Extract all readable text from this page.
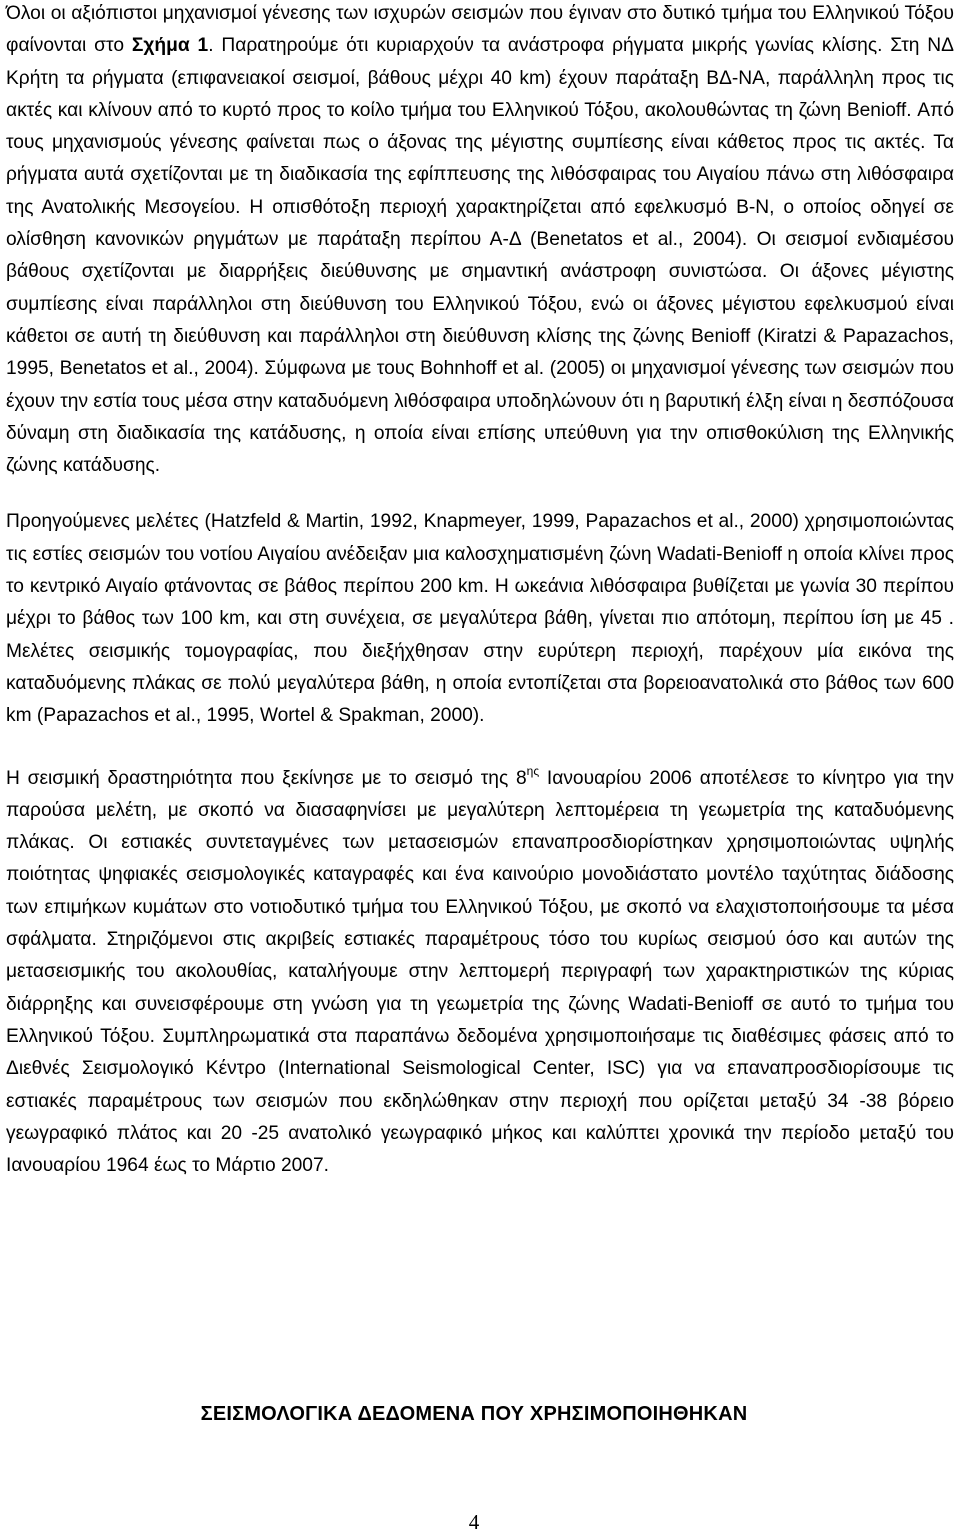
Όλοι οι αξιόπιστοι μηχανισμοί γένεσης των ισχυρών σεισμών που έγιναν στο δυτικό τμήμα του Ελληνικού Τόξου φαίνονται στο Σχήμα 1. Παρατηρούμε ότι κυριαρχούν τα ανάστροφα ρήγματα μικρής γωνίας κλίσης. Στη ΝΔ Κρήτη τα ρήγματα (επιφανειακοί σεισμοί, βάθους μέχρι 40 km) έχουν παράταξη ΒΔ-ΝΑ, παράλληλη προς τις ακτές και κλίνουν από το κυρτό προς το κοίλο τμήμα του Ελληνικού Τόξου, ακολουθώντας τη ζώνη Benioff. Από τους μηχανισμούς γένεσης φαίνεται πως ο άξονας της μέγιστης συμπίεσης είναι κάθετος προς τις ακτές. Τα ρήγματα αυτά σχετίζονται με τη διαδικασία της εφίππευσης της λιθόσφαιρας του Αιγαίου πάνω στη λιθόσφαιρα της Ανατολικής Μεσογείου. Η οπισθότοξη περιοχή χαρακτηρίζεται από εφελκυσμό Β-Ν, ο οποίος οδηγεί σε ολίσθηση κανονικών ρηγμάτων με παράταξη περίπου Α-Δ (Benetatos et al., 2004). Οι σεισμοί ενδιαμέσου βάθους σχετίζονται με διαρρήξεις διεύθυνσης με σημαντική ανάστροφη συνιστώσα. Οι άξονες μέγιστης συμπίεσης είναι παράλληλοι στη διεύθυνση του Ελληνικού Τόξου, ενώ οι άξονες μέγιστου εφελκυσμού είναι κάθετοι σε αυτή τη διεύθυνση και παράλληλοι στη διεύθυνση κλίσης της ζώνης Benioff (Kiratzi & Papazachos, 1995, Benetatos et al., 2004). Σύμφωνα με τους Bohnhoff et al. (2005) οι μηχανισμοί γένεσης των σεισμών που έχουν την εστία τους μέσα στην καταδυόμενη λιθόσφαιρα υποδηλώνουν ότι η βαρυτική έλξη είναι η δεσπόζουσα δύναμη στη διαδικασία της κατάδυσης, η οποία είναι επίσης υπεύθυνη για την οπισθοκύλιση της Ελληνικής ζώνης κατάδυσης.

Προηγούμενες μελέτες (Hatzfeld & Martin, 1992, Knapmeyer, 1999, Papazachos et al., 2000) χρησιμοποιώντας τις εστίες σεισμών του νοτίου Αιγαίου ανέδειξαν μια καλοσχηματισμένη ζώνη Wadati-Benioff η οποία κλίνει προς το κεντρικό Αιγαίο φτάνοντας σε βάθος περίπου 200 km. Η ωκεάνια λιθόσφαιρα βυθίζεται με γωνία 30 περίπου μέχρι το βάθος των 100 km, και στη συνέχεια, σε μεγαλύτερα βάθη, γίνεται πιο απότομη, περίπου ίση με 45 . Μελέτες σεισμικής τομογραφίας, που διεξήχθησαν στην ευρύτερη περιοχή, παρέχουν μία εικόνα της καταδυόμενης πλάκας σε πολύ μεγαλύτερα βάθη, η οποία εντοπίζεται στα βορειοανατολικά στο βάθος των 600 km (Papazachos et al., 1995, Wortel & Spakman, 2000).

Η σεισμική δραστηριότητα που ξεκίνησε με το σεισμό της $8^{\eta\varsigma}$ Ιανουαρίου 2006 αποτέλεσε το κίνητρο για την παρούσα μελέτη, με σκοπό να διασαφηνίσει με μεγαλύτερη λεπτομέρεια τη γεωμετρία της καταδυόμενης πλάκας. Οι εστιακές συντεταγμένες των μετασεισμών επαναπροσδιορίστηκαν χρησιμοποιώντας υψηλής ποιότητας ψηφιακές σεισμολογικές καταγραφές και ένα καινούριο μονοδιάστατο μοντέλο ταχύτητας διάδοσης των επιμήκων κυμάτων στο νοτιοδυτικό τμήμα του Ελληνικού Τόξου, με σκοπό να ελαχιστοποιήσουμε τα μέσα σφάλματα. Στηριζόμενοι στις ακριβείς εστιακές παραμέτρους τόσο του κυρίως σεισμού όσο και αυτών της μετασεισμικής του ακολουθίας, καταλήγουμε στην λεπτομερή περιγραφή των χαρακτηριστικών της κύριας διάρρηξης και συνεισφέρουμε στη γνώση για τη γεωμετρία της ζώνης Wadati-Benioff σε αυτό το τμήμα του Ελληνικού Τόξου. Συμπληρωματικά στα παραπάνω δεδομένα χρησιμοποιήσαμε τις διαθέσιμες φάσεις από το Διεθνές Σεισμολογικό Κέντρο (International Seismological Center, ISC) για να επαναπροσδιορίσουμε τις εστιακές παραμέτρους των σεισμών που εκδηλώθηκαν στην περιοχή που ορίζεται μεταξύ 34 -38 βόρειο γεωγραφικό πλάτος και 20 -25 ανατολικό γεωγραφικό μήκος και καλύπτει χρονικά την περίοδο μεταξύ του Ιανουαρίου 1964 έως το Μάρτιο 2007.

ΣΕΙΣΜΟΛΟΓΙΚΑ ΔΕΔΟΜΕΝΑ ΠΟΥ ΧΡΗΣΙΜΟΠΟΙΗΘΗΚΑΝ
4
